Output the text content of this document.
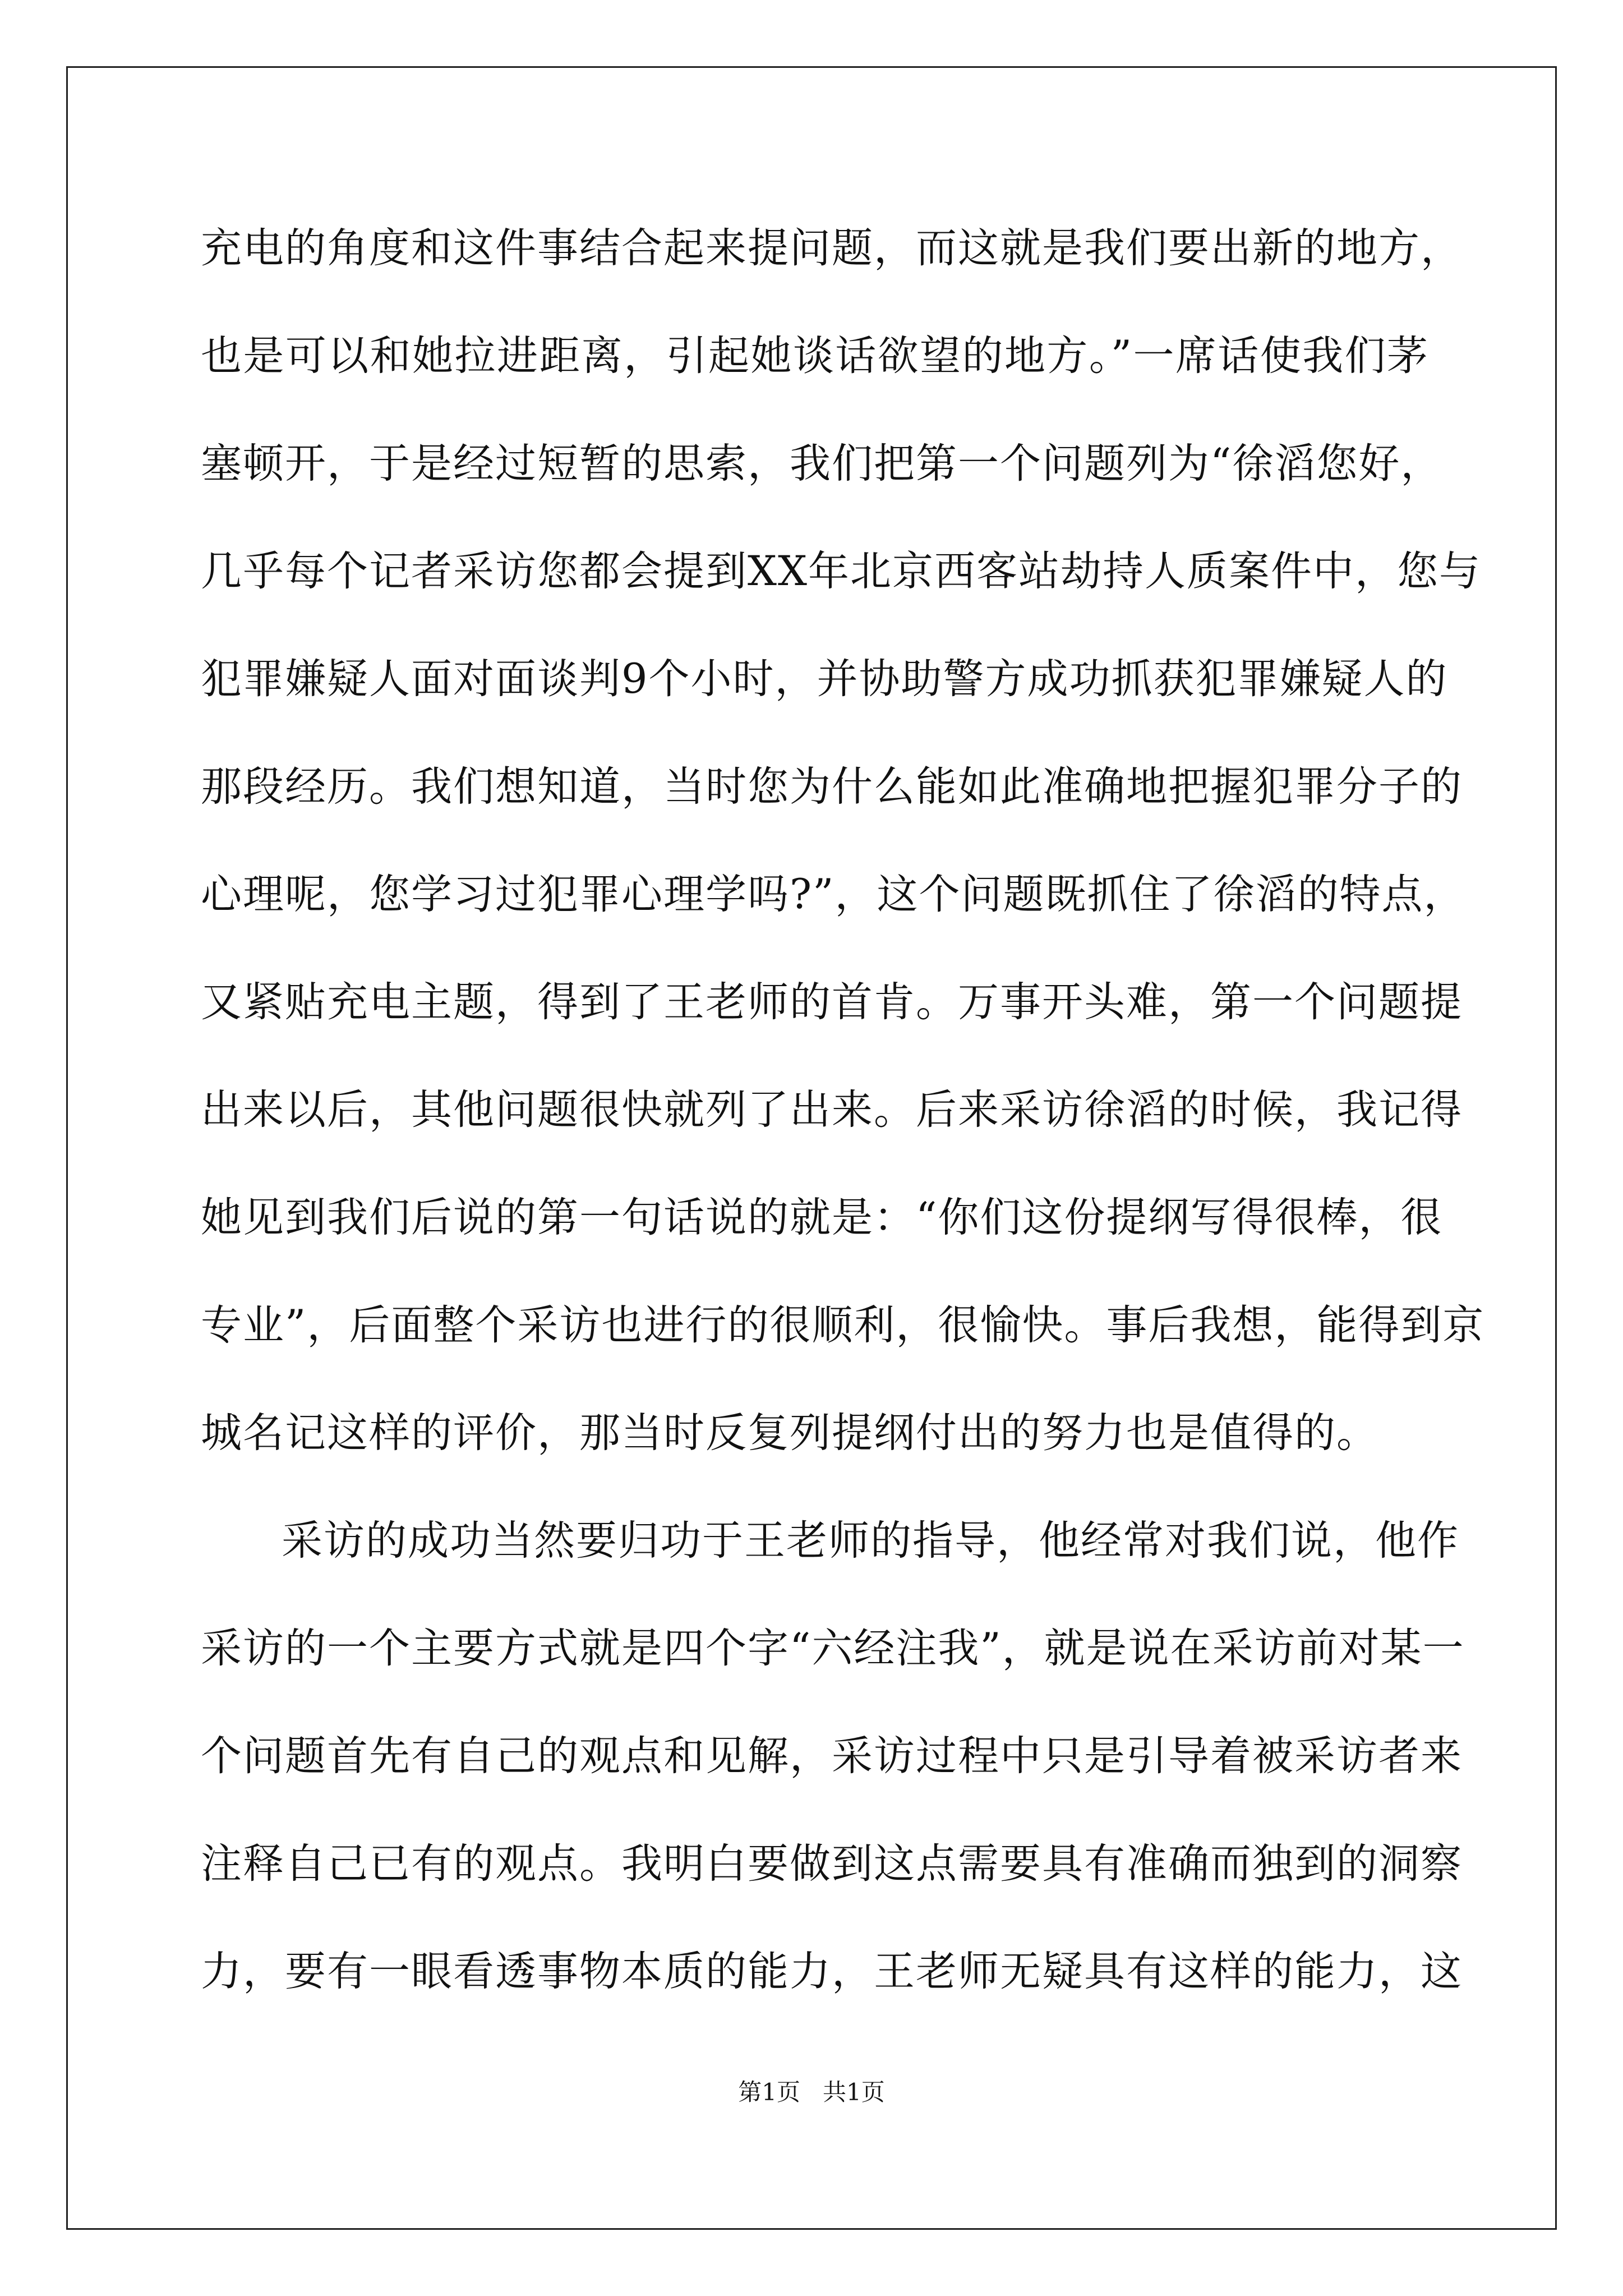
充电的角度和这件事结合起来提问题，而这就是我们要出新的地方，
也是可以和她拉进距离，引起她谈话欲望的地方。”一席话使我们茅
塞顿开，于是经过短暂的思索，我们把第一个问题列为“徐滔您好，
几乎每个记者采访您都会提到XX年北京西客站劫持人质案件中，您与
犯罪嫌疑人面对面谈判9个小时，并协助警方成功抓获犯罪嫌疑人的
那段经历。我们想知道，当时您为什么能如此准确地把握犯罪分子的
心理呢，您学习过犯罪心理学吗?”，这个问题既抓住了徐滔的特点，
又紧贴充电主题，得到了王老师的首肯。万事开头难，第一个问题提
出来以后，其他问题很快就列了出来。后来采访徐滔的时候，我记得
她见到我们后说的第一句话说的就是：“你们这份提纲写得很棒，很
专业”，后面整个采访也进行的很顺利，很愉快。事后我想，能得到京
城名记这样的评价，那当时反复列提纲付出的努力也是值得的。
采访的成功当然要归功于王老师的指导，他经常对我们说，他作
采访的一个主要方式就是四个字“六经注我”，就是说在采访前对某一
个问题首先有自己的观点和见解，采访过程中只是引导着被采访者来
注释自己已有的观点。我明白要做到这点需要具有准确而独到的洞察
力，要有一眼看透事物本质的能力，王老师无疑具有这样的能力，这
第1页 共1页
